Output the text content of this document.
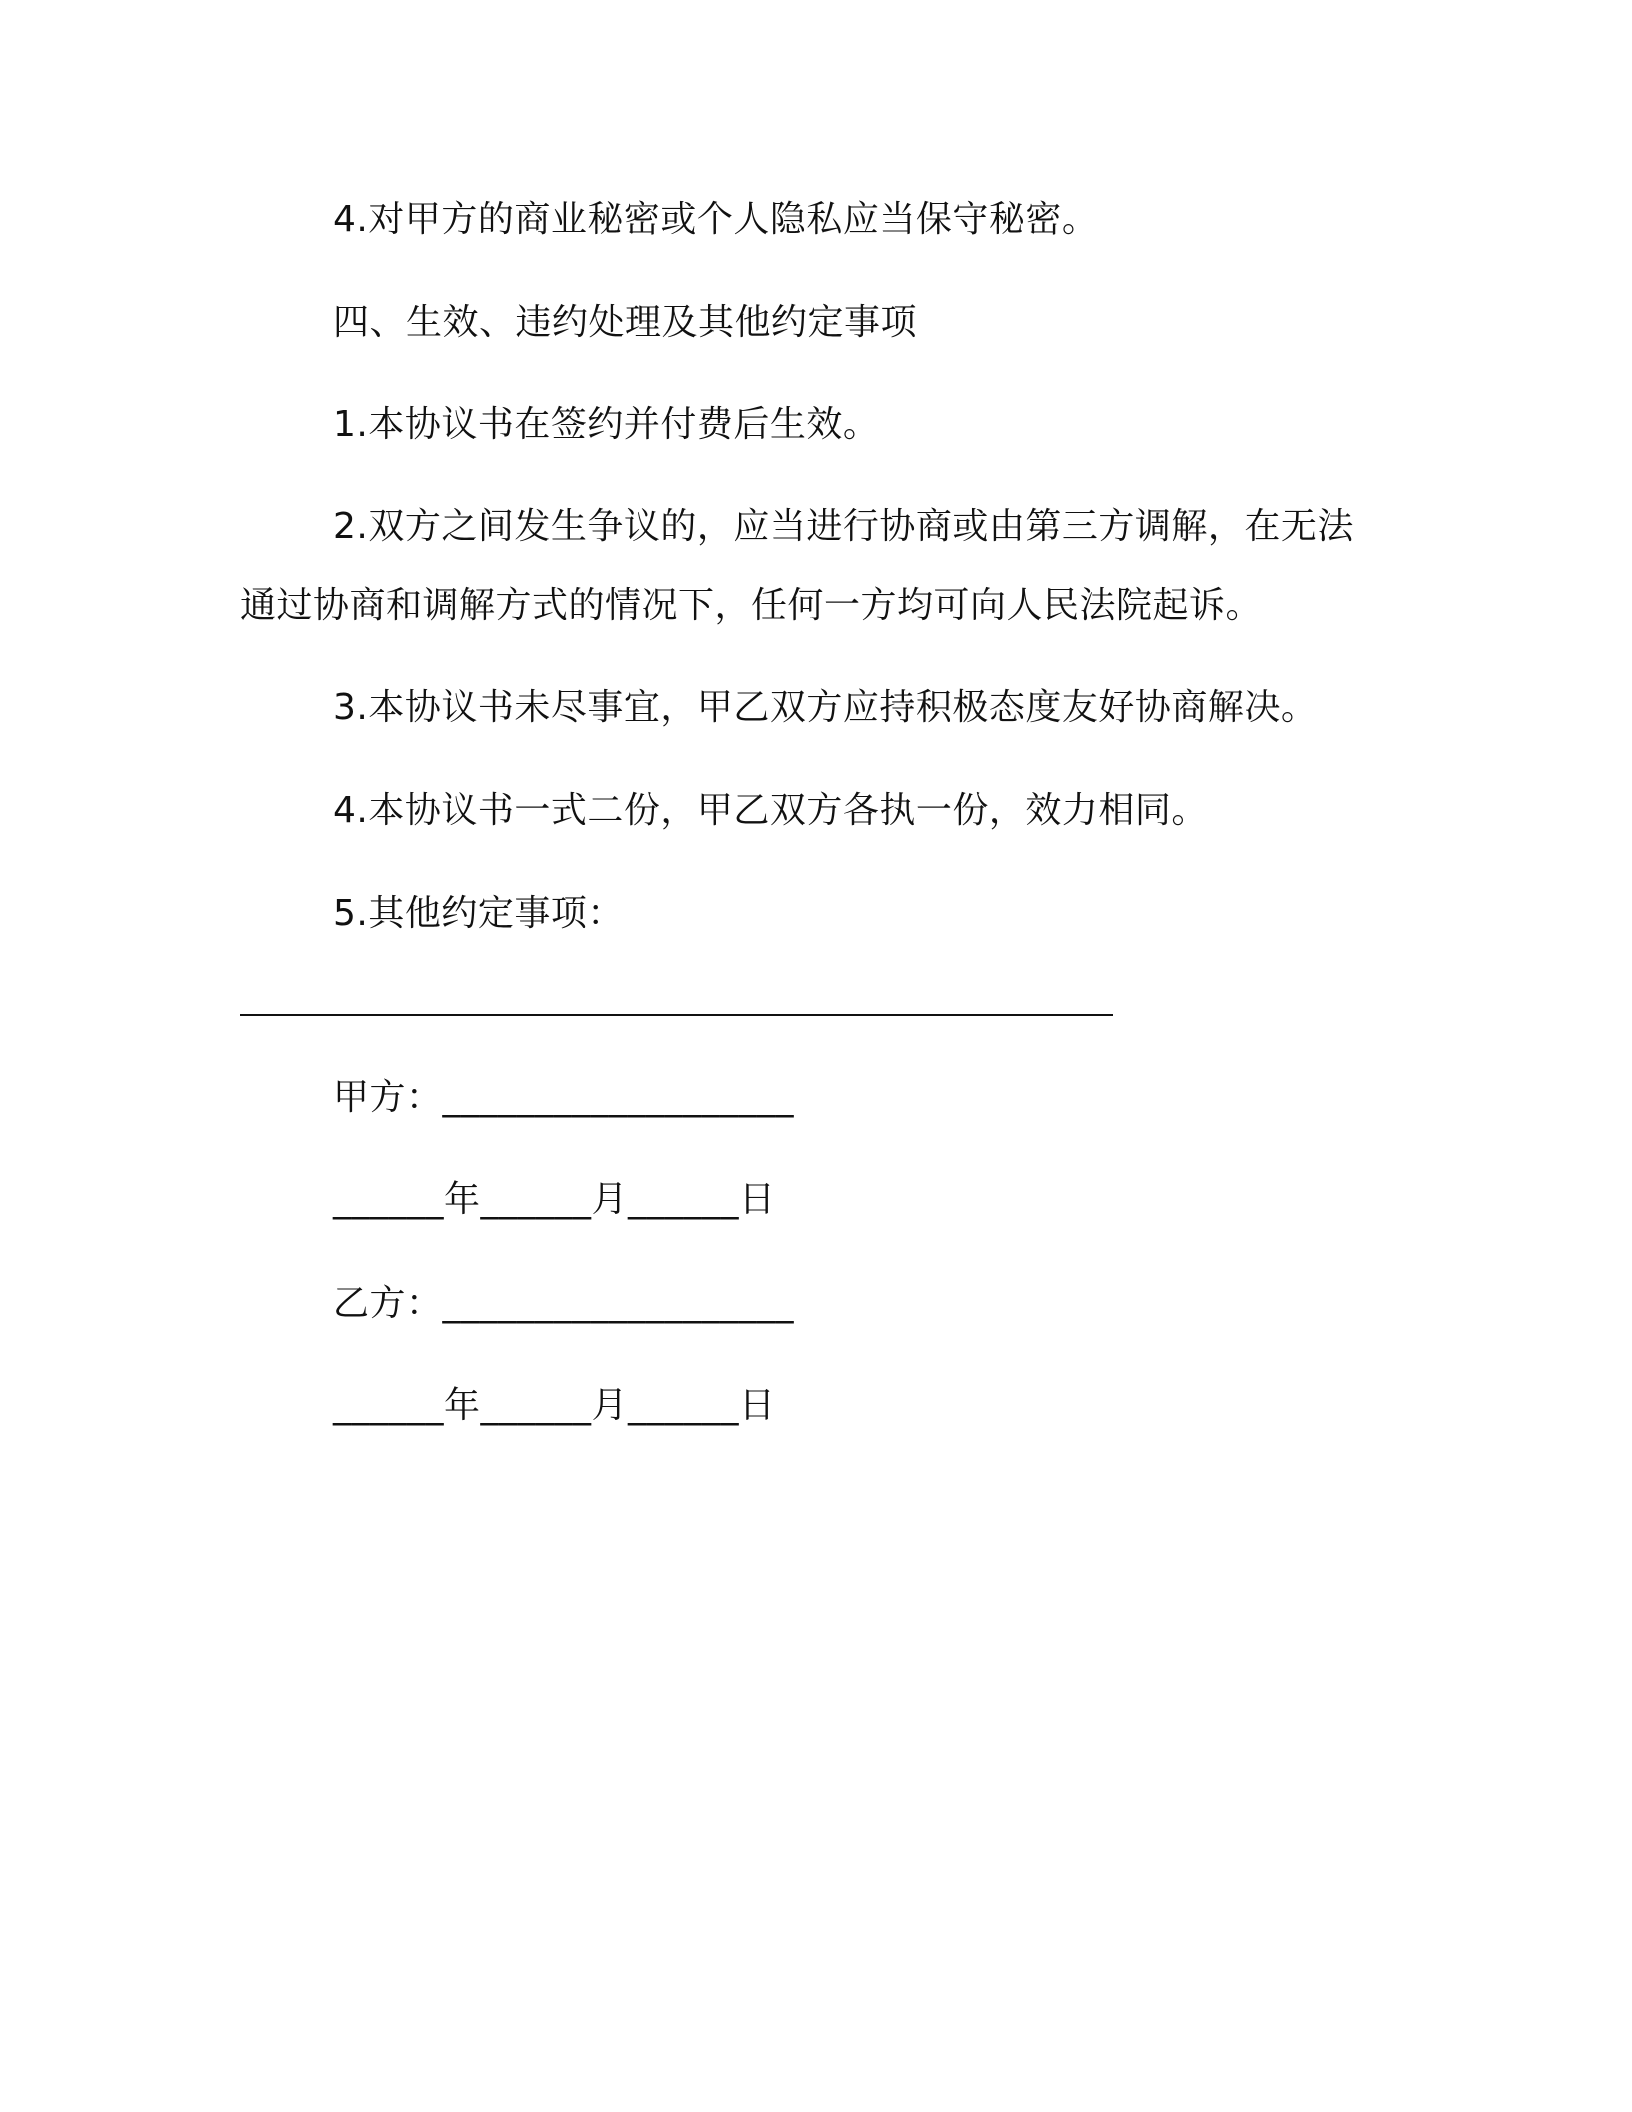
4.对甲方的商业秘密或个人隐私应当保守秘密。

四、生效、违约处理及其他约定事项

1.本协议书在签约并付费后生效。

2.双方之间发生争议的，应当进行协商或由第三方调解，在无法

通过协商和调解方式的情况下，任何一方均可向人民法院起诉。

3.本协议书未尽事宜，甲乙双方应持积极态度友好协商解决。

4.本协议书一式二份，甲乙双方各执一份，效力相同。

5.其他约定事项：

甲方：___________________

______年______月______日

乙方：___________________

______年______月______日
